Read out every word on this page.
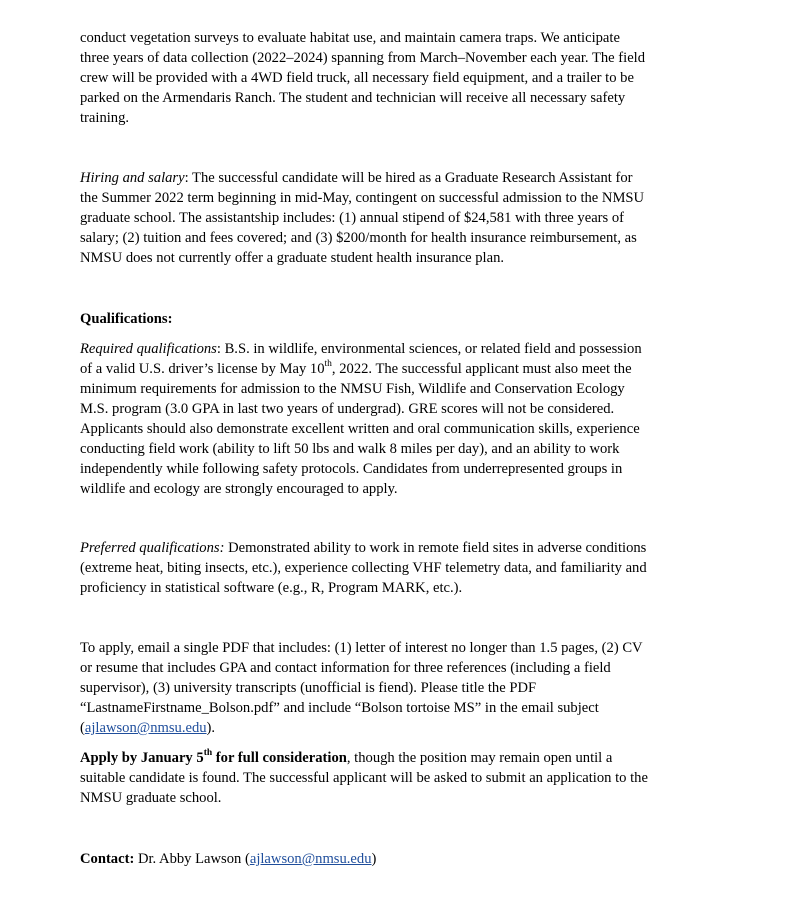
conduct vegetation surveys to evaluate habitat use, and maintain camera traps. We anticipate
three years of data collection (2022–2024) spanning from March–November each year. The field
crew will be provided with a 4WD field truck, all necessary field equipment, and a trailer to be
parked on the Armendaris Ranch. The student and technician will receive all necessary safety
training.

Hiring and salary: The successful candidate will be hired as a Graduate Research Assistant for
the Summer 2022 term beginning in mid-May, contingent on successful admission to the NMSU
graduate school. The assistantship includes: (1) annual stipend of $24,581 with three years of
salary; (2) tuition and fees covered; and (3) $200/month for health insurance reimbursement, as
NMSU does not currently offer a graduate student health insurance plan.

Qualifications:

Required qualifications: B.S. in wildlife, environmental sciences, or related field and possession
of a valid U.S. driver’s license by May 10th, 2022. The successful applicant must also meet the
minimum requirements for admission to the NMSU Fish, Wildlife and Conservation Ecology
M.S. program (3.0 GPA in last two years of undergrad). GRE scores will not be considered.
Applicants should also demonstrate excellent written and oral communication skills, experience
conducting field work (ability to lift 50 lbs and walk 8 miles per day), and an ability to work
independently while following safety protocols. Candidates from underrepresented groups in
wildlife and ecology are strongly encouraged to apply.

Preferred qualifications: Demonstrated ability to work in remote field sites in adverse conditions
(extreme heat, biting insects, etc.), experience collecting VHF telemetry data, and familiarity and
proficiency in statistical software (e.g., R, Program MARK, etc.).

To apply, email a single PDF that includes: (1) letter of interest no longer than 1.5 pages, (2) CV
or resume that includes GPA and contact information for three references (including a field
supervisor), (3) university transcripts (unofficial is fiend). Please title the PDF
“LastnameFirstname_Bolson.pdf” and include “Bolson tortoise MS” in the email subject
(ajlawson@nmsu.edu).

Apply by January 5th for full consideration, though the position may remain open until a
suitable candidate is found. The successful applicant will be asked to submit an application to the
NMSU graduate school.

Contact: Dr. Abby Lawson (ajlawson@nmsu.edu)
